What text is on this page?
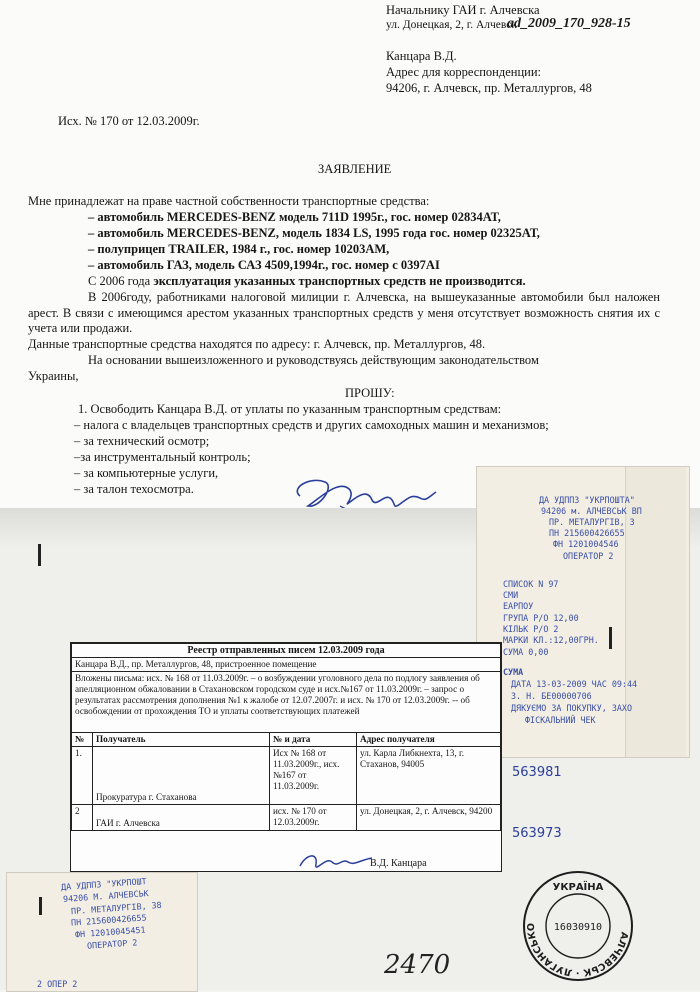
Начальнику ГАИ г. Алчевска
ул. Донецкая, 2, г. Алчевск
ad_2009_170_928-15
Канцара В.Д.
Адрес для корреспонденции:
94206, г. Алчевск, пр. Металлургов, 48
Исх. № 170 от 12.03.2009г.
ЗАЯВЛЕНИЕ
Мне принадлежат на праве частной собственности транспортные средства:
– автомобиль MERCEDES-BENZ модель 711D 1995г., гос. номер 02834АТ,
– автомобиль MERCEDES-BENZ, модель 1834 LS, 1995 года гос. номер 02325АТ,
– полуприцеп TRAILER, 1984 г., гос. номер 10203АМ,
– автомобиль ГАЗ, модель САЗ 4509,1994г., гос. номер с 0397АI
С 2006 года эксплуатация указанных транспортных средств не производится.
В 2006году, работниками налоговой милиции г. Алчевска, на вышеуказанные автомобили был наложен арест. В связи с имеющимся арестом указанных транспортных средств у меня отсутствует возможность снятия их с учета или продажи.
Данные транспортные средства находятся по адресу: г. Алчевск, пр. Металлургов, 48.
На основании вышеизложенного и руководствуясь действующим законодательством
Украины,
ПРОШУ:
1. Освободить Канцара В.Д. от уплаты по указанным транспортным средствам:
– налога с владельцев транспортных средств и других самоходных машин и механизмов;
– за технический осмотр;
–за инструментальный контроль;
– за компьютерные услуги,
– за талон техосмотра.
ДА УДППЗ "УКРПОШТА"
94206 м. АЛЧЕВСЬК ВП
ПР. МЕТАЛУРГIВ, 3
ПН 215600426655
ФН 1201004546
ОПЕРАТОР 2
СПИСОК N 97
СМИ
ЕАРПОУ
ГРУПА Р/О 12,00
КIЛЬК Р/О 2
МАРКИ КЛ.:12,00ГРН.
СУМА 0,00
СУМА
ДАТА 13-03-2009 ЧАС 09:44
З. Н. БЕ00000706
ДЯКУЄМО ЗА ПОКУПКУ, ЗАХО
ФIСКАЛЬНИЙ ЧЕК
Реестр отправленных писем 12.03.2009 года			
Канцара В.Д., пр. Металлургов, 48, пристроенное помещение			
Вложены письма: исх. № 168 от 11.03.2009г. – о возбуждении уголовного дела по подлогу заявления об апелляционном обжаловании в Стахановском городском суде и исх.№167 от 11.03.2009г. – запрос о результатах рассмотрения дополнения №1 к жалобе от 12.07.2007г. и исх. № 170 от 12.03.2009г. -- об освобождении от прохождения ТО и уплаты соответствующих платежей			
№	Получатель	№ и дата	Адрес получателя
1.	Прокуратура г. Стаханова	Исх № 168 от 11.03.2009г., исх. №167 от 11.03.2009г.	ул. Карла Либкнехта, 13, г. Стаханов, 94005
2	ГАИ г. Алчевска	исх. № 170 от 12.03.2009г.	ул. Донецкая, 2, г. Алчевск, 94200
563981
563973
В.Д. Канцара
ДА УДППЗ "УКРПОШТ
94206 М. АЛЧЕВСЬК
ПР. МЕТАЛУРГIВ, 38
ПН 215600426655
ФН 12010045451
ОПЕРАТОР 2
2 ОПЕР 2
2470
АЛЧЕВСЬК · ЛУГАНСЬКО
УКРАЇНА
16030910
